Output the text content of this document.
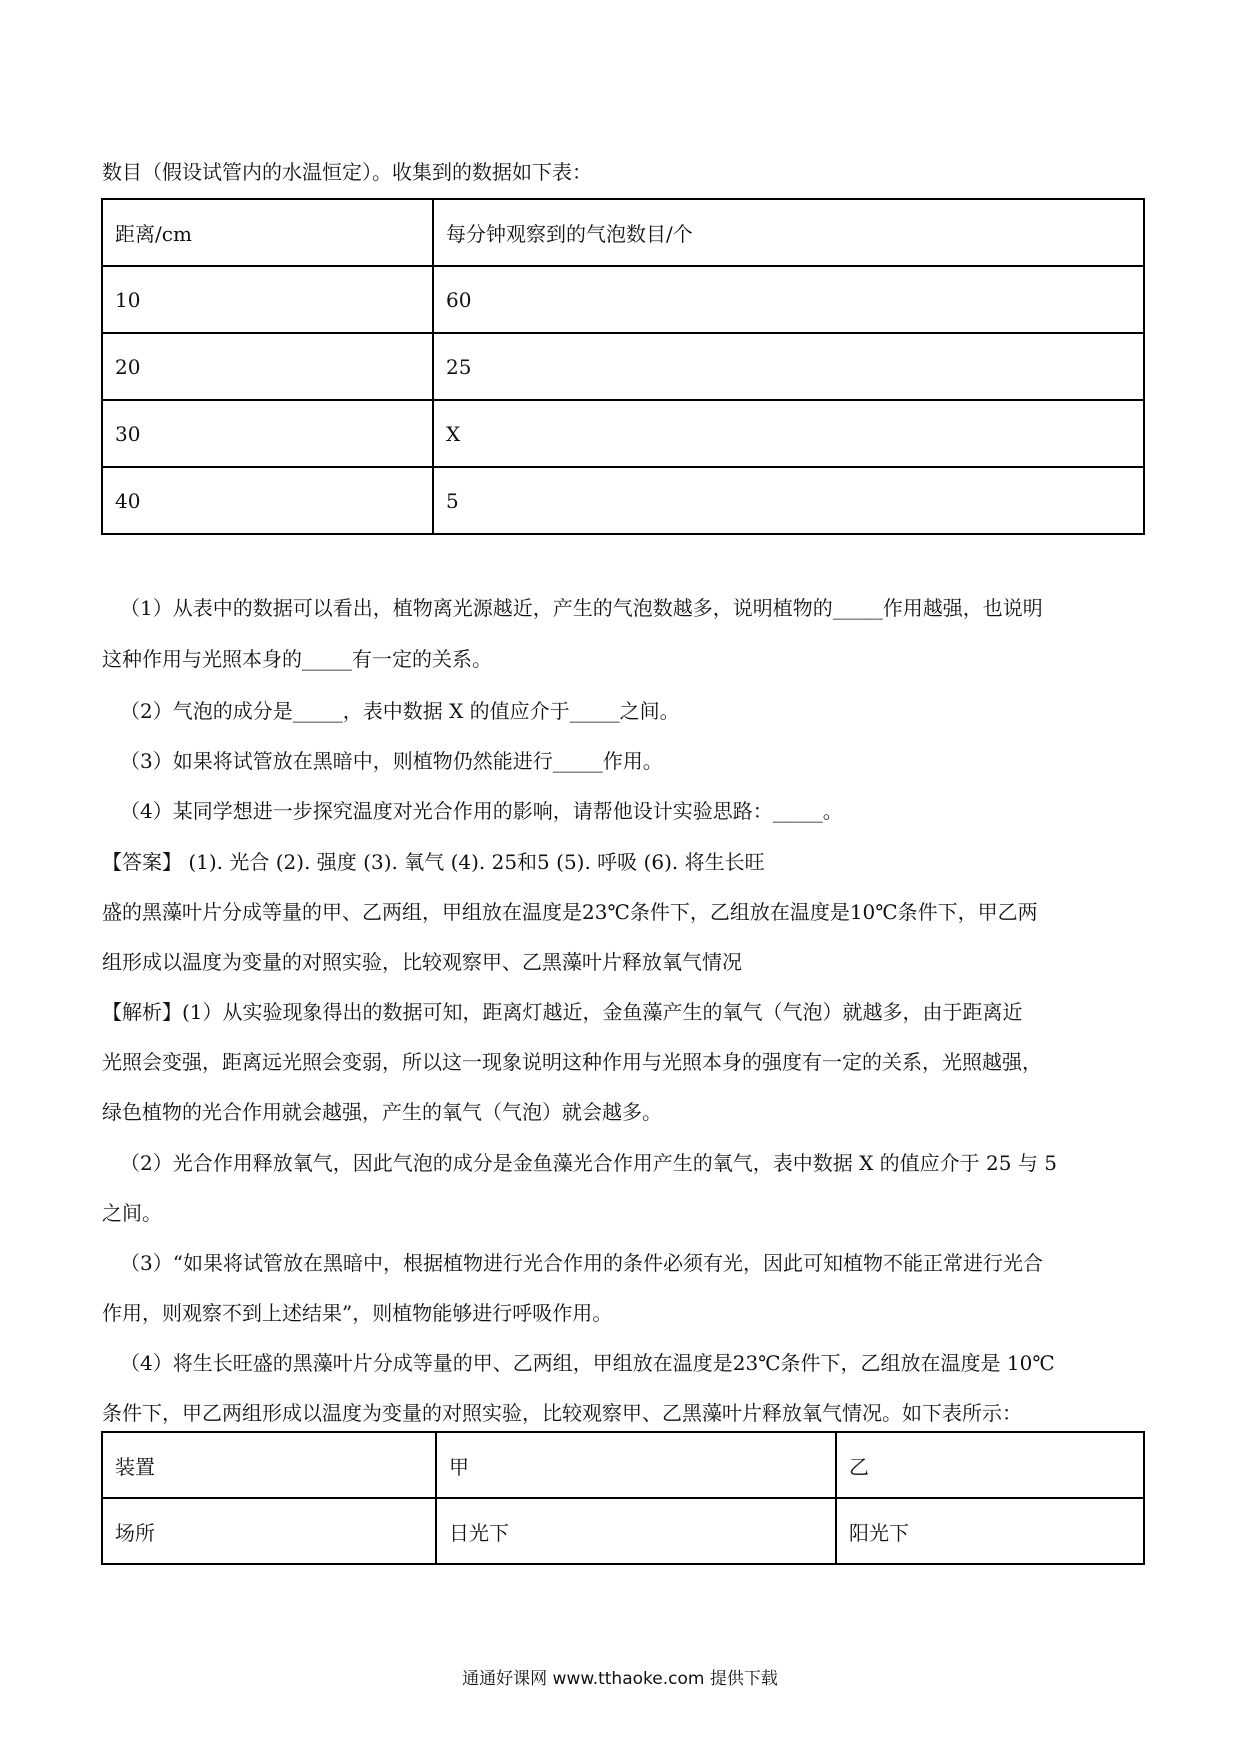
数目（假设试管内的水温恒定）。收集到的数据如下表：
距离/cm	每分钟观察到的气泡数目/个
10	60
20	25
30	X
40	5
（1）从表中的数据可以看出，植物离光源越近，产生的气泡数越多，说明植物的_____作用越强，也说明
这种作用与光照本身的_____有一定的关系。
（2）气泡的成分是_____，表中数据 X 的值应介于_____之间。
（3）如果将试管放在黑暗中，则植物仍然能进行_____作用。
（4）某同学想进一步探究温度对光合作用的影响，请帮他设计实验思路：_____。
【答案】 (1). 光合 (2). 强度 (3). 氧气 (4). 25和5 (5). 呼吸 (6). 将生长旺
盛的黑藻叶片分成等量的甲、乙两组，甲组放在温度是23℃条件下，乙组放在温度是10℃条件下，甲乙两
组形成以温度为变量的对照实验，比较观察甲、乙黑藻叶片释放氧气情况
【解析】(1）从实验现象得出的数据可知，距离灯越近，金鱼藻产生的氧气（气泡）就越多，由于距离近
光照会变强，距离远光照会变弱，所以这一现象说明这种作用与光照本身的强度有一定的关系，光照越强，
绿色植物的光合作用就会越强，产生的氧气（气泡）就会越多。
（2）光合作用释放氧气，因此气泡的成分是金鱼藻光合作用产生的氧气，表中数据 X 的值应介于 25 与 5
之间。
（3）“如果将试管放在黑暗中，根据植物进行光合作用的条件必须有光，因此可知植物不能正常进行光合
作用，则观察不到上述结果”，则植物能够进行呼吸作用。
（4）将生长旺盛的黑藻叶片分成等量的甲、乙两组，甲组放在温度是23℃条件下，乙组放在温度是 10℃
条件下，甲乙两组形成以温度为变量的对照实验，比较观察甲、乙黑藻叶片释放氧气情况。如下表所示：
装置	甲	乙
场所	日光下	阳光下
通通好课网 www.tthaoke.com 提供下载
